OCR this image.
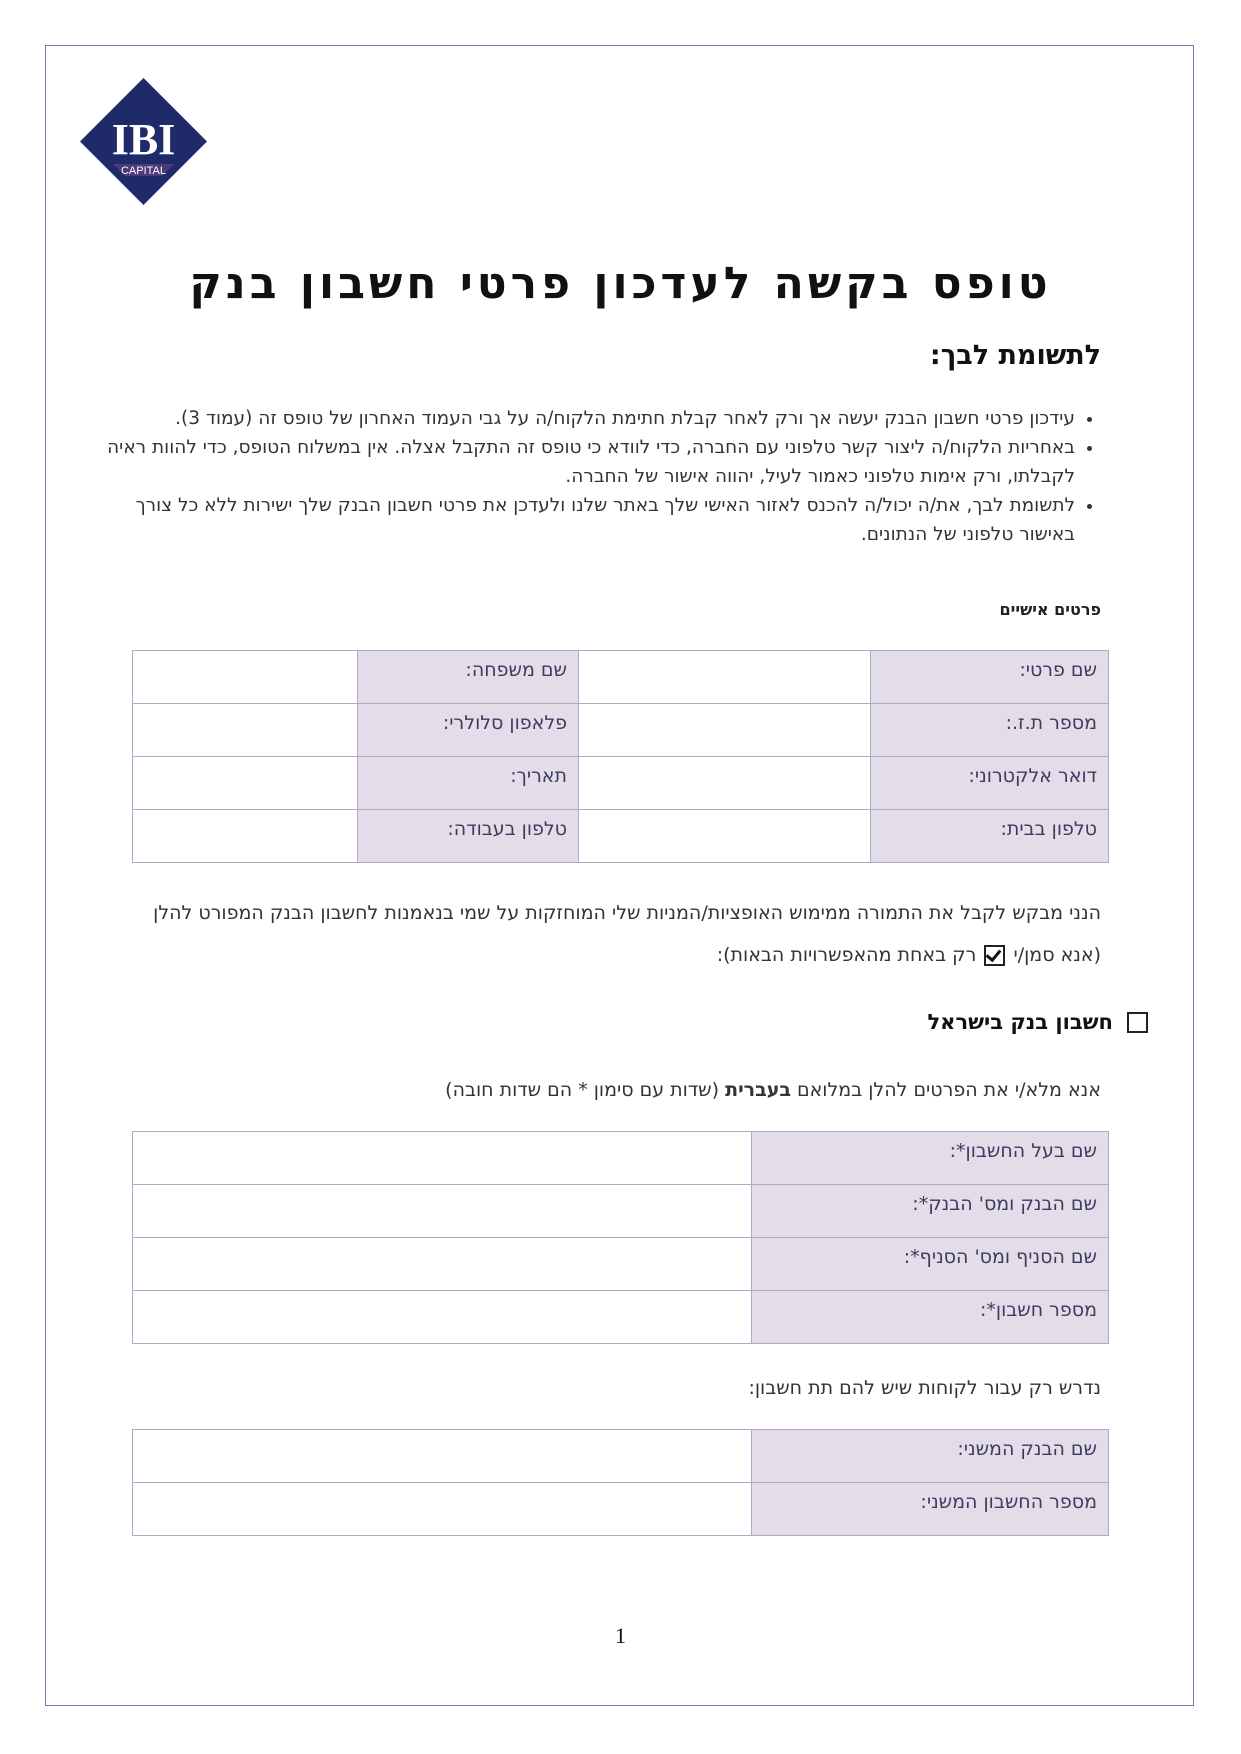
IBI
CAPITAL
טופס בקשה לעדכון פרטי חשבון בנק
לתשומת לבך:
• עידכון פרטי חשבון הבנק יעשה אך ורק לאחר קבלת חתימת הלקוח/ה על גבי העמוד האחרון של טופס זה (עמוד 3).
• באחריות הלקוח/ה ליצור קשר טלפוני עם החברה, כדי לוודא כי טופס זה התקבל אצלה. אין במשלוח הטופס, כדי להוות ראיה לקבלתו, ורק אימות טלפוני כאמור לעיל, יהווה אישור של החברה.
• לתשומת לבך, את/ה יכול/ה להכנס לאזור האישי שלך באתר שלנו ולעדכן את פרטי חשבון הבנק שלך ישירות ללא כל צורך באישור טלפוני של הנתונים.
פרטים אישיים
שם פרטי:		שם משפחה:	
מספר ת.ז.:		פלאפון סלולרי:	
דואר אלקטרוני:		תאריך:	
טלפון בבית:		טלפון בעבודה:	
הנני מבקש לקבל את התמורה ממימוש האופציות/המניות שלי המוחזקות על שמי בנאמנות לחשבון הבנק המפורט להלן
(אנא סמן/י  רק באחת מהאפשרויות הבאות):
חשבון בנק בישראל
אנא מלא/י את הפרטים להלן במלואם בעברית (שדות עם סימון * הם שדות חובה)
שם בעל החשבון*:	
שם הבנק ומס' הבנק*:	
שם הסניף ומס' הסניף*:	
מספר חשבון*:	
נדרש רק עבור לקוחות שיש להם תת חשבון:
שם הבנק המשני:	
מספר החשבון המשני:	
1
